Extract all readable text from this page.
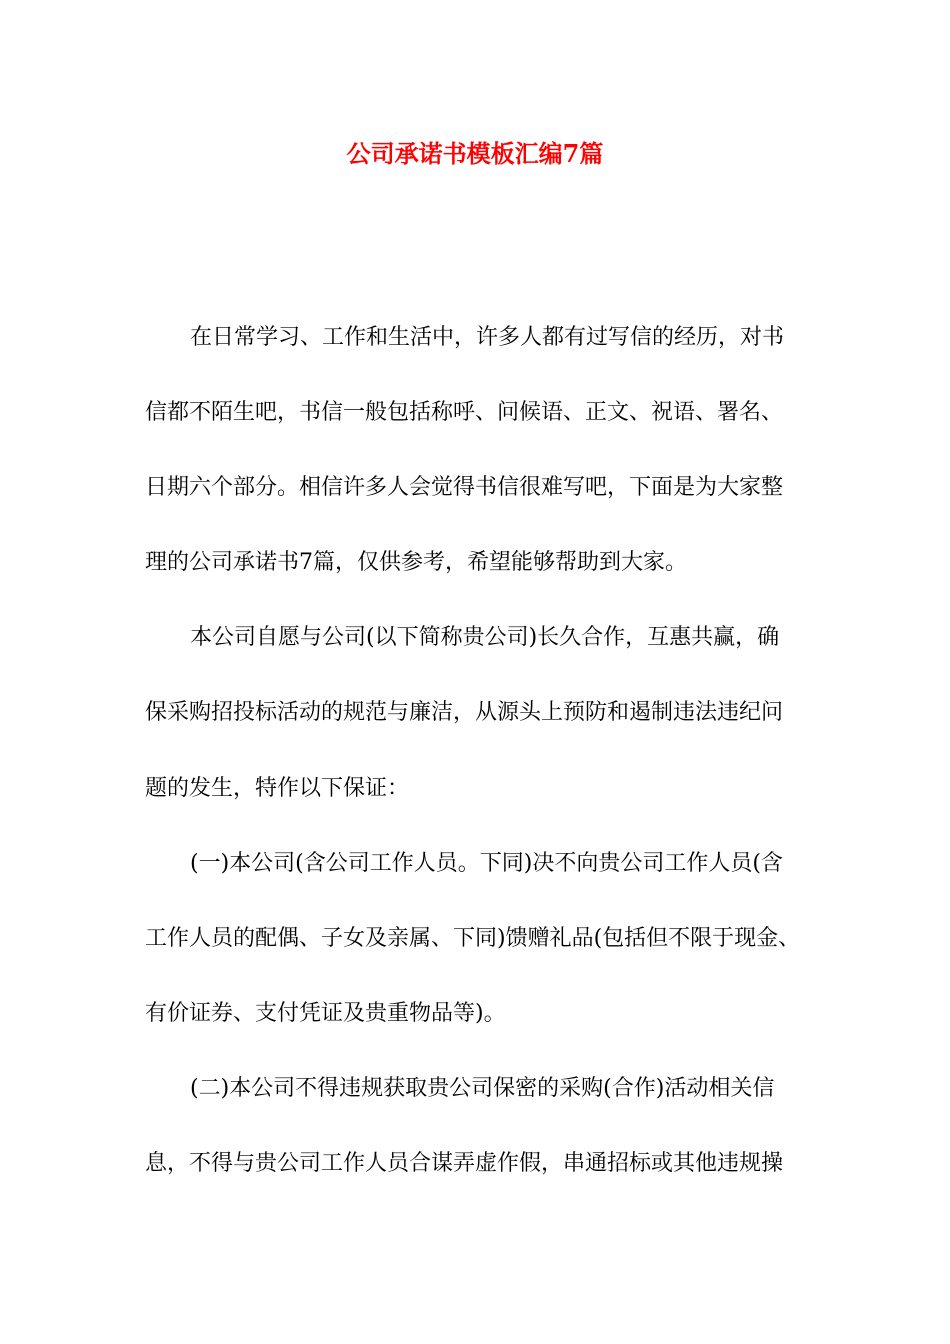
公司承诺书模板汇编7篇

在日常学习、工作和生活中，许多人都有过写信的经历，对书

信都不陌生吧，书信一般包括称呼、问候语、正文、祝语、署名、

日期六个部分。相信许多人会觉得书信很难写吧，下面是为大家整

理的公司承诺书7篇，仅供参考，希望能够帮助到大家。

本公司自愿与公司(以下简称贵公司)长久合作，互惠共赢，确

保采购招投标活动的规范与廉洁，从源头上预防和遏制违法违纪问

题的发生，特作以下保证：

(一)本公司(含公司工作人员。下同)决不向贵公司工作人员(含

工作人员的配偶、子女及亲属、下同)馈赠礼品(包括但不限于现金、

有价证券、支付凭证及贵重物品等)。

(二)本公司不得违规获取贵公司保密的采购(合作)活动相关信

息，不得与贵公司工作人员合谋弄虚作假，串通招标或其他违规操
